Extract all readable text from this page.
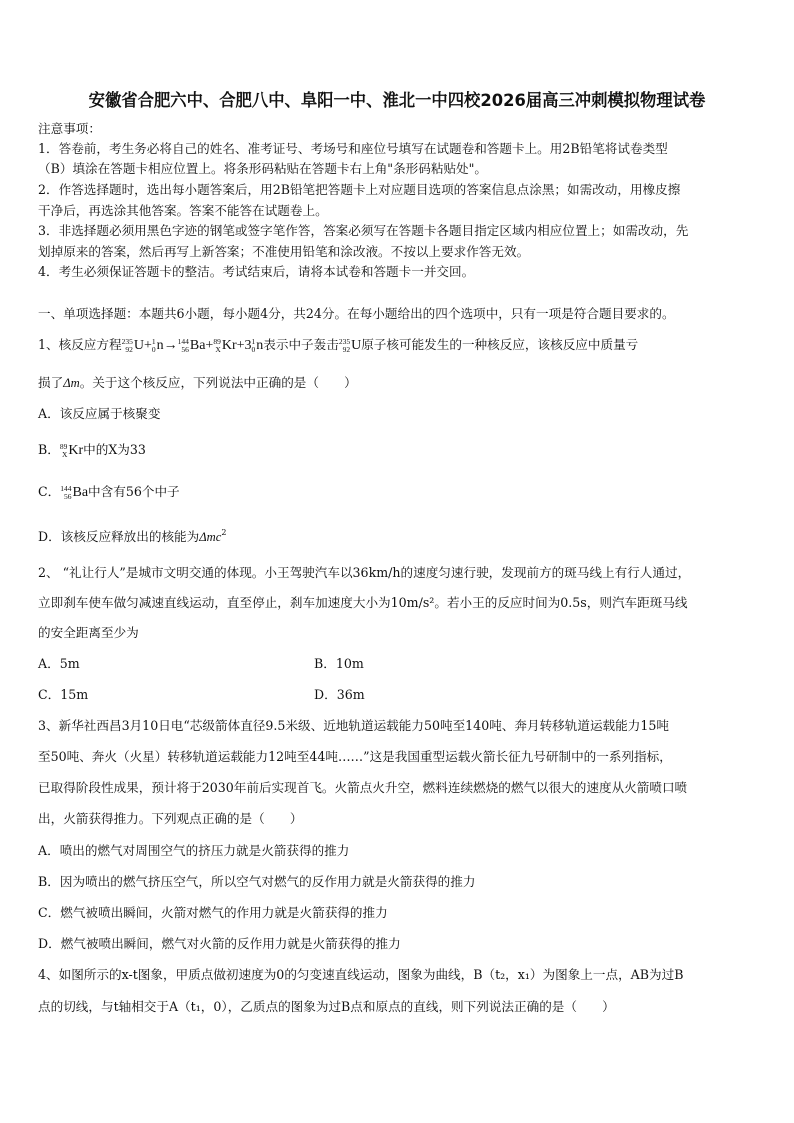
安徽省合肥六中、合肥八中、阜阳一中、淮北一中四校2026届高三冲刺模拟物理试卷
注意事项：
1．答卷前，考生务必将自己的姓名、准考证号、考场号和座位号填写在试题卷和答题卡上。用2B铅笔将试卷类型
（B）填涂在答题卡相应位置上。将条形码粘贴在答题卡右上角"条形码粘贴处"。
2．作答选择题时，选出每小题答案后，用2B铅笔把答题卡上对应题目选项的答案信息点涂黑；如需改动，用橡皮擦
干净后，再选涂其他答案。答案不能答在试题卷上。
3．非选择题必须用黑色字迹的钢笔或签字笔作答，答案必须写在答题卡各题目指定区域内相应位置上；如需改动，先
划掉原来的答案，然后再写上新答案；不准使用铅笔和涂改液。不按以上要求作答无效。
4．考生必须保证答题卡的整洁。考试结束后，请将本试卷和答题卡一并交回。
一、单项选择题：本题共6小题，每小题4分，共24分。在每小题给出的四个选项中，只有一项是符合题目要求的。
1、核反应方程 235
92 U+ 1
0 n→ 144
56 Ba+ 89
X Kr+3 1
0 n表示中子轰击 235
92 U原子核可能发生的一种核反应，该核反应中质量亏
损了Δm。关于这个核反应，下列说法中正确的是（　　）
A．该反应属于核聚变
B． 89
X Kr中的X为33
C． 144
56 Ba中含有56个中子
D．该核反应释放出的核能为Δmc$^2$
2、 “礼让行人”是城市文明交通的体现。小王驾驶汽车以36km/h的速度匀速行驶，发现前方的斑马线上有行人通过，
立即刹车使车做匀减速直线运动，直至停止，刹车加速度大小为10m/s²。若小王的反应时间为0.5s，则汽车距斑马线
的安全距离至少为
A．5m	B．10m
C．15m	D．36m
3、新华社西昌3月10日电“芯级箭体直径9.5米级、近地轨道运载能力50吨至140吨、奔月转移轨道运载能力15吨
至50吨、奔火（火星）转移轨道运载能力12吨至44吨……”这是我国重型运载火箭长征九号研制中的一系列指标，
已取得阶段性成果，预计将于2030年前后实现首飞。火箭点火升空，燃料连续燃烧的燃气以很大的速度从火箭喷口喷
出，火箭获得推力。下列观点正确的是（　　）
A．喷出的燃气对周围空气的挤压力就是火箭获得的推力
B．因为喷出的燃气挤压空气，所以空气对燃气的反作用力就是火箭获得的推力
C．燃气被喷出瞬间，火箭对燃气的作用力就是火箭获得的推力
D．燃气被喷出瞬间，燃气对火箭的反作用力就是火箭获得的推力
4、如图所示的x-t图象，甲质点做初速度为0的匀变速直线运动，图象为曲线，B（t₂，x₁）为图象上一点，AB为过B
点的切线，与t轴相交于A（t₁，0），乙质点的图象为过B点和原点的直线，则下列说法正确的是（　　）
